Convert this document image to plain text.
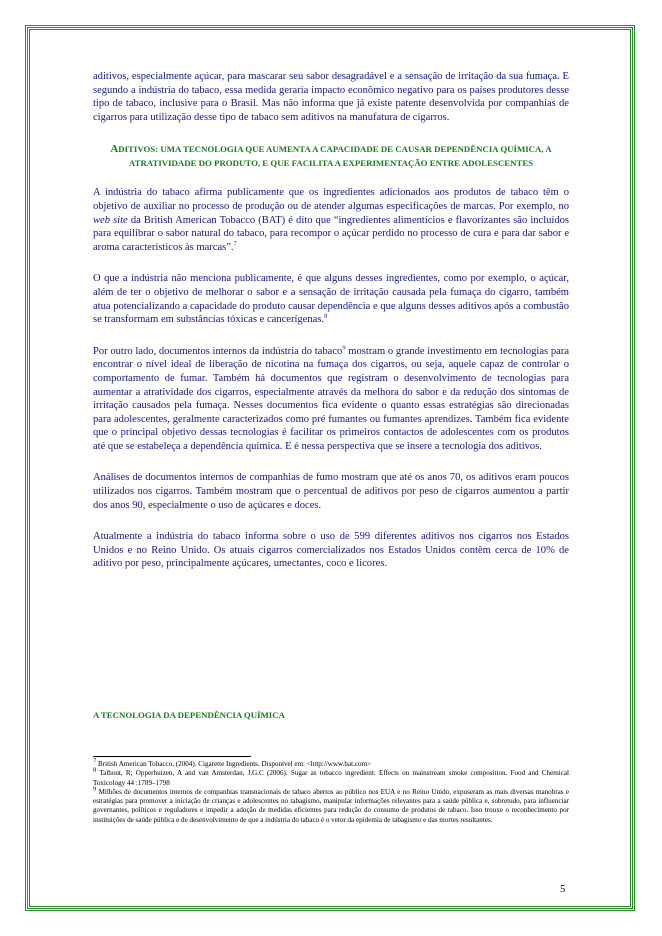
aditivos, especialmente açúcar, para mascarar seu sabor desagradável e a sensação de irritação da sua fumaça. E segundo a indústria do tabaco, essa medida geraria impacto econômico negativo para os países produtores desse tipo de tabaco, inclusive para o Brasil. Mas não informa que já existe patente desenvolvida por companhias de cigarros para utilização desse tipo de tabaco sem aditivos na manufatura de cigarros.

ADITIVOS: UMA TECNOLOGIA QUE AUMENTA A CAPACIDADE DE CAUSAR DEPENDÊNCIA QUÍMICA, A ATRATIVIDADE DO PRODUTO, E QUE FACILITA A EXPERIMENTAÇÃO ENTRE ADOLESCENTES

A indústria do tabaco afirma publicamente que os ingredientes adicionados aos produtos de tabaco têm o objetivo de auxiliar no processo de produção ou de atender algumas especificações de marcas. Por exemplo, no web site da British American Tobacco (BAT) é dito que “ingredientes alimentícios e flavorizantes são incluídos para equilibrar o sabor natural do tabaco, para recompor o açúcar perdido no processo de cura e para dar sabor e aroma característicos às marcas”.$^7$

O que a indústria não menciona publicamente, é que alguns desses ingredientes, como por exemplo, o açúcar, além de ter o objetivo de melhorar o sabor e a sensação de irritação causada pela fumaça do cigarro, também atua potencializando a capacidade do produto causar dependência e que alguns desses aditivos após a combustão se transformam em substâncias tóxicas e cancerígenas.$^8$

Por outro lado, documentos internos da indústria do tabaco$^9$ mostram o grande investimento em tecnologias para encontrar o nível ideal de liberação de nicotina na fumaça dos cigarros, ou seja, aquele capaz de controlar o comportamento de fumar. Também há documentos que registram o desenvolvimento de tecnologias para aumentar a atratividade dos cigarros, especialmente através da melhora do sabor e da redução dos sintomas de irritação causados pela fumaça. Nesses documentos fica evidente o quanto essas estratégias são direcionadas para adolescentes, geralmente caracterizados como pré fumantes ou fumantes aprendizes. Também fica evidente que o principal objetivo dessas tecnologias é facilitar os primeiros contactos de adolescentes com os produtos até que se estabeleça a dependência química. E é nessa perspectiva que se insere a tecnologia dos aditivos.

Análises de documentos internos de companhias de fumo mostram que até os anos 70, os aditivos eram poucos utilizados nos cigarros. Também mostram que o percentual de aditivos por peso de cigarros aumentou a partir dos anos 90, especialmente o uso de açúcares e doces.

Atualmente a indústria do tabaco informa sobre o uso de 599 diferentes aditivos nos cigarros nos Estados Unidos e no Reino Unido. Os atuais cigarros comercializados nos Estados Unidos contêm cerca de 10% de aditivo por peso, principalmente açúcares, umectantes, coco e licores.

A TECNOLOGIA DA DEPENDÊNCIA QUÍMICA

7 British American Tobacco, (2004). Cigarette Ingredients. Disponível em: <http://www.bat.com>

8 Talhout, R; Opperhuizen, A and van Amsterdan, J.G.C (2006). Sugar as tobacco ingredient: Effects on mainstream smoke composition. Food and Chemical Toxicology 44 :1789–1798

9 Milhões de documentos internos de companhias transnacionais de tabaco abertos ao público nos EUA e no Reino Unido, expuseram as mais diversas manobras e estratégias para promover a iniciação de crianças e adolescentes no tabagismo, manipular informações relevantes para a saúde pública e, sobretudo, para influenciar governantes, políticos e reguladores e impedir a adoção de medidas eficientes para redução do consumo de produtos de tabaco. Isso trouxe o reconhecimento por instituições de saúde pública e de desenvolvimento de que a indústria do tabaco é o vetor da epidemia de tabagismo e das mortes resultantes.

5
